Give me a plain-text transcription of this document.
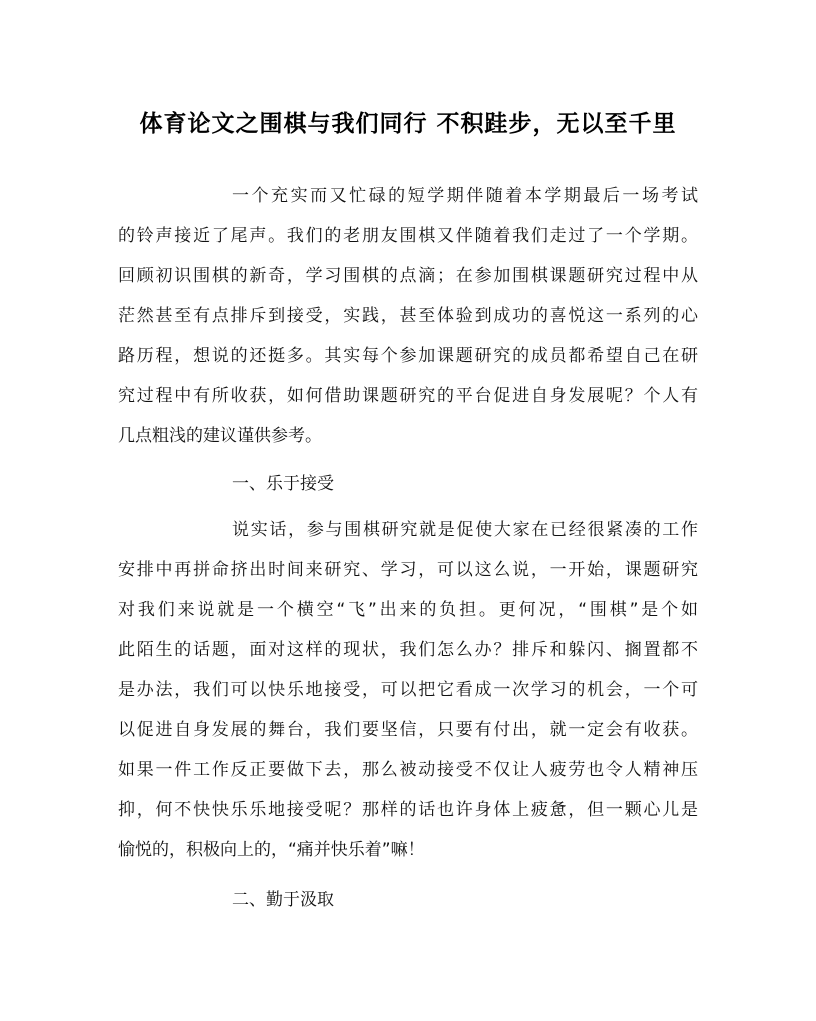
体育论文之围棋与我们同行 不积跬步，无以至千里
一个充实而又忙碌的短学期伴随着本学期最后一场考试
的铃声接近了尾声。我们的老朋友围棋又伴随着我们走过了一个学期。
回顾初识围棋的新奇，学习围棋的点滴；在参加围棋课题研究过程中从
茫然甚至有点排斥到接受，实践，甚至体验到成功的喜悦这一系列的心
路历程，想说的还挺多。其实每个参加课题研究的成员都希望自己在研
究过程中有所收获，如何借助课题研究的平台促进自身发展呢？个人有
几点粗浅的建议谨供参考。
一、乐于接受
说实话，参与围棋研究就是促使大家在已经很紧凑的工作
安排中再拼命挤出时间来研究、学习，可以这么说，一开始，课题研究
对我们来说就是一个横空“飞”出来的负担。更何况，“围棋”是个如
此陌生的话题，面对这样的现状，我们怎么办？排斥和躲闪、搁置都不
是办法，我们可以快乐地接受，可以把它看成一次学习的机会，一个可
以促进自身发展的舞台，我们要坚信，只要有付出，就一定会有收获。
如果一件工作反正要做下去，那么被动接受不仅让人疲劳也令人精神压
抑，何不快快乐乐地接受呢？那样的话也许身体上疲惫，但一颗心儿是
愉悦的，积极向上的，“痛并快乐着”嘛！
二、勤于汲取
